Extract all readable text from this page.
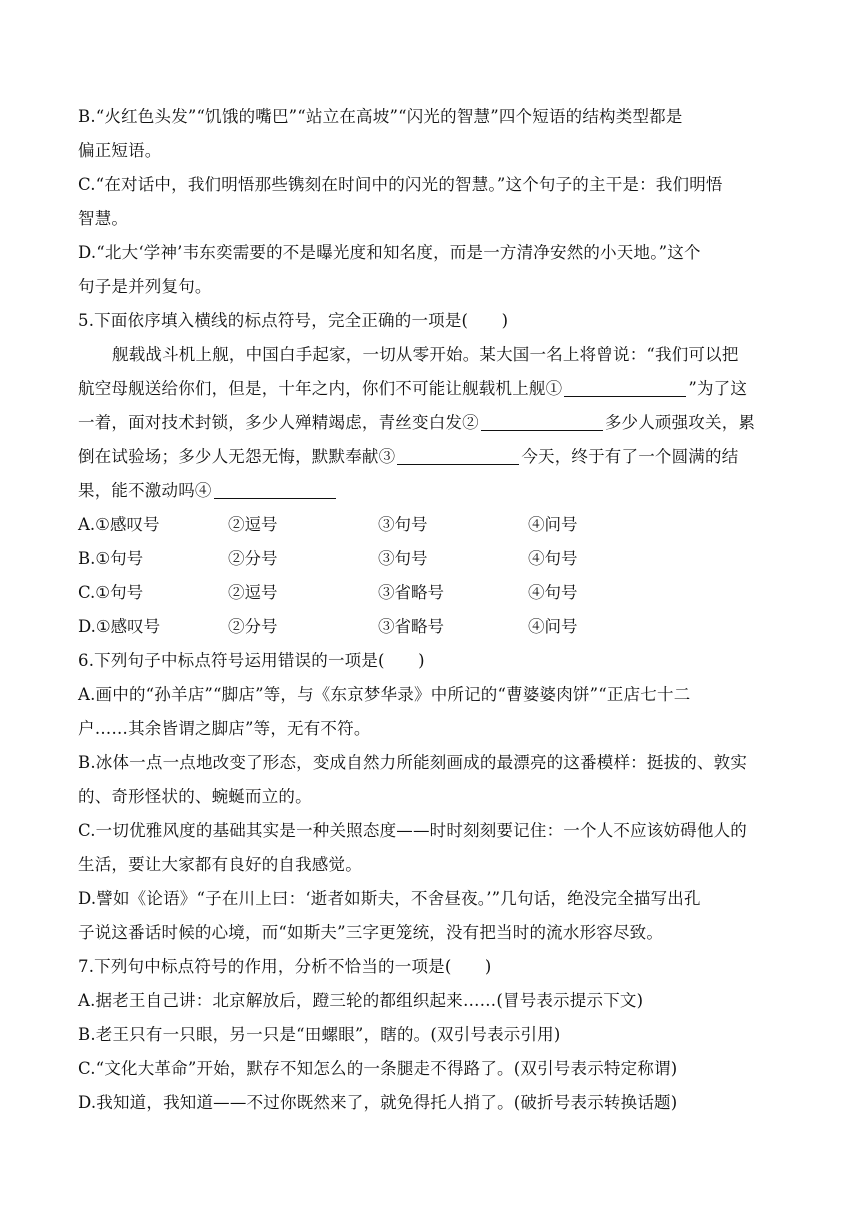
B.“火红色头发”“饥饿的嘴巴”“站立在高坡”“闪光的智慧”四个短语的结构类型都是
偏正短语。
C.“在对话中，我们明悟那些镌刻在时间中的闪光的智慧。”这个句子的主干是：我们明悟
智慧。
D.“北大‘学神’韦东奕需要的不是曝光度和知名度，而是一方清净安然的小天地。”这个
句子是并列复句。
5.下面依序填入横线的标点符号，完全正确的一项是(　　)
舰载战斗机上舰，中国白手起家，一切从零开始。某大国一名上将曾说：“我们可以把
航空母舰送给你们，但是，十年之内，你们不可能让舰载机上舰①	”为了这
一着，面对技术封锁，多少人殚精竭虑，青丝变白发②	多少人顽强攻关，累
倒在试验场；多少人无怨无悔，默默奉献③	今天，终于有了一个圆满的结
果，能不激动吗④
A.①感叹号	②逗号	③句号	④问号
B.①句号	②分号	③句号	④句号
C.①句号	②逗号	③省略号	④句号
D.①感叹号	②分号	③省略号	④问号
6.下列句子中标点符号运用错误的一项是(　　)
A.画中的“孙羊店”“脚店”等，与《东京梦华录》中所记的“曹婆婆肉饼”“正店七十二
户……其余皆谓之脚店”等，无有不符。
B.冰体一点一点地改变了形态，变成自然力所能刻画成的最漂亮的这番模样：挺拔的、敦实
的、奇形怪状的、蜿蜒而立的。
C.一切优雅风度的基础其实是一种关照态度——时时刻刻要记住：一个人不应该妨碍他人的
生活，要让大家都有良好的自我感觉。
D.譬如《论语》“子在川上曰：‘逝者如斯夫，不舍昼夜。’”几句话，绝没完全描写出孔
子说这番话时候的心境，而“如斯夫”三字更笼统，没有把当时的流水形容尽致。
7.下列句中标点符号的作用，分析不恰当的一项是(　　)
A.据老王自己讲：北京解放后，蹬三轮的都组织起来……(冒号表示提示下文)
B.老王只有一只眼，另一只是“田螺眼”，瞎的。(双引号表示引用)
C.“文化大革命”开始，默存不知怎么的一条腿走不得路了。(双引号表示特定称谓)
D.我知道，我知道——不过你既然来了，就免得托人捎了。(破折号表示转换话题)
